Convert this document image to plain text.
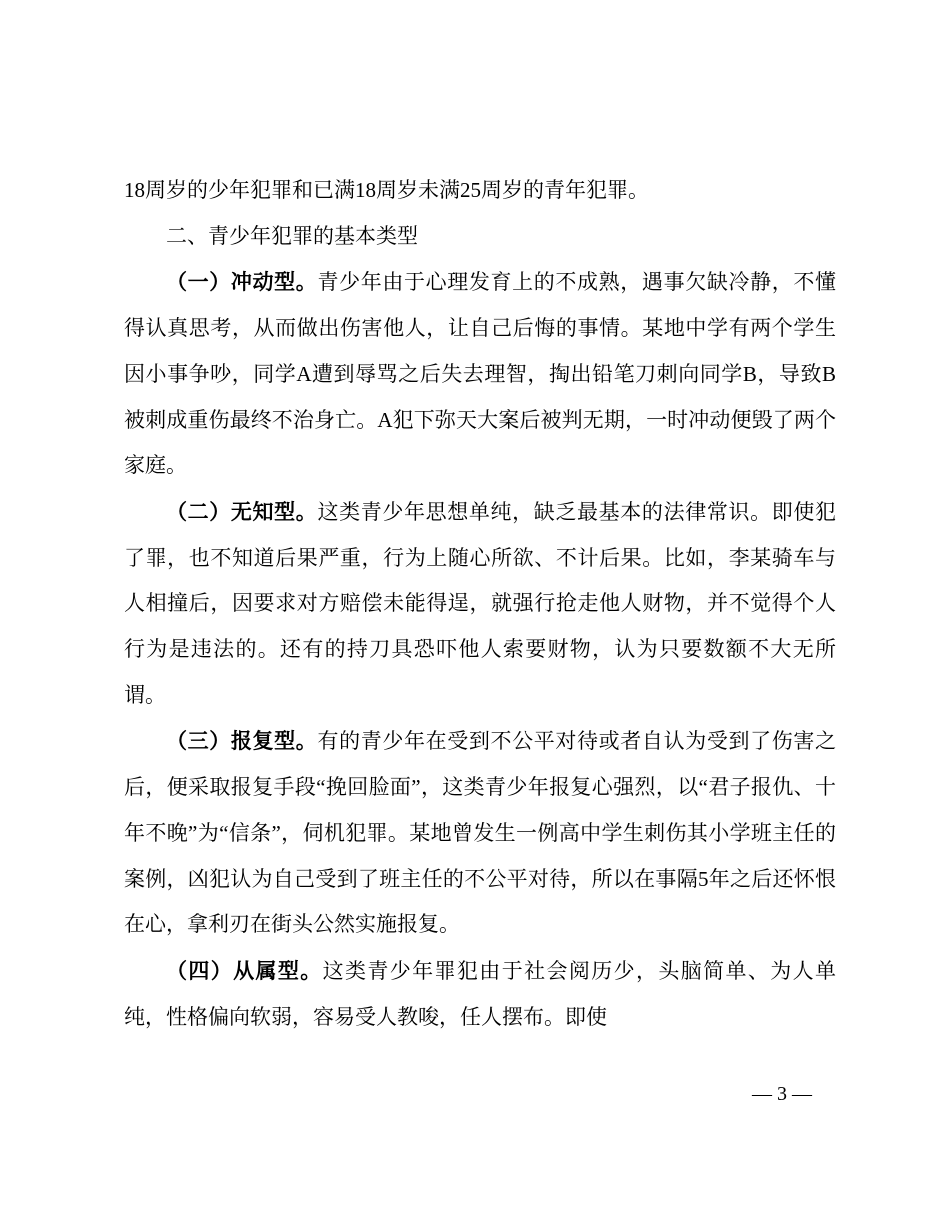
18周岁的少年犯罪和已满18周岁未满25周岁的青年犯罪。

二、青少年犯罪的基本类型

（一）冲动型。青少年由于心理发育上的不成熟，遇事欠缺冷静，不懂得认真思考，从而做出伤害他人，让自己后悔的事情。某地中学有两个学生因小事争吵，同学A遭到辱骂之后失去理智，掏出铅笔刀刺向同学B，导致B被刺成重伤最终不治身亡。A犯下弥天大案后被判无期，一时冲动便毁了两个家庭。

（二）无知型。这类青少年思想单纯，缺乏最基本的法律常识。即使犯了罪，也不知道后果严重，行为上随心所欲、不计后果。比如，李某骑车与人相撞后，因要求对方赔偿未能得逞，就强行抢走他人财物，并不觉得个人行为是违法的。还有的持刀具恐吓他人索要财物，认为只要数额不大无所谓。

（三）报复型。有的青少年在受到不公平对待或者自认为受到了伤害之后，便采取报复手段“挽回脸面”，这类青少年报复心强烈，以“君子报仇、十年不晚”为“信条”，伺机犯罪。某地曾发生一例高中学生刺伤其小学班主任的案例，凶犯认为自己受到了班主任的不公平对待，所以在事隔5年之后还怀恨在心，拿利刃在街头公然实施报复。

（四）从属型。这类青少年罪犯由于社会阅历少，头脑简单、为人单纯，性格偏向软弱，容易受人教唆，任人摆布。即使

— 3 —
